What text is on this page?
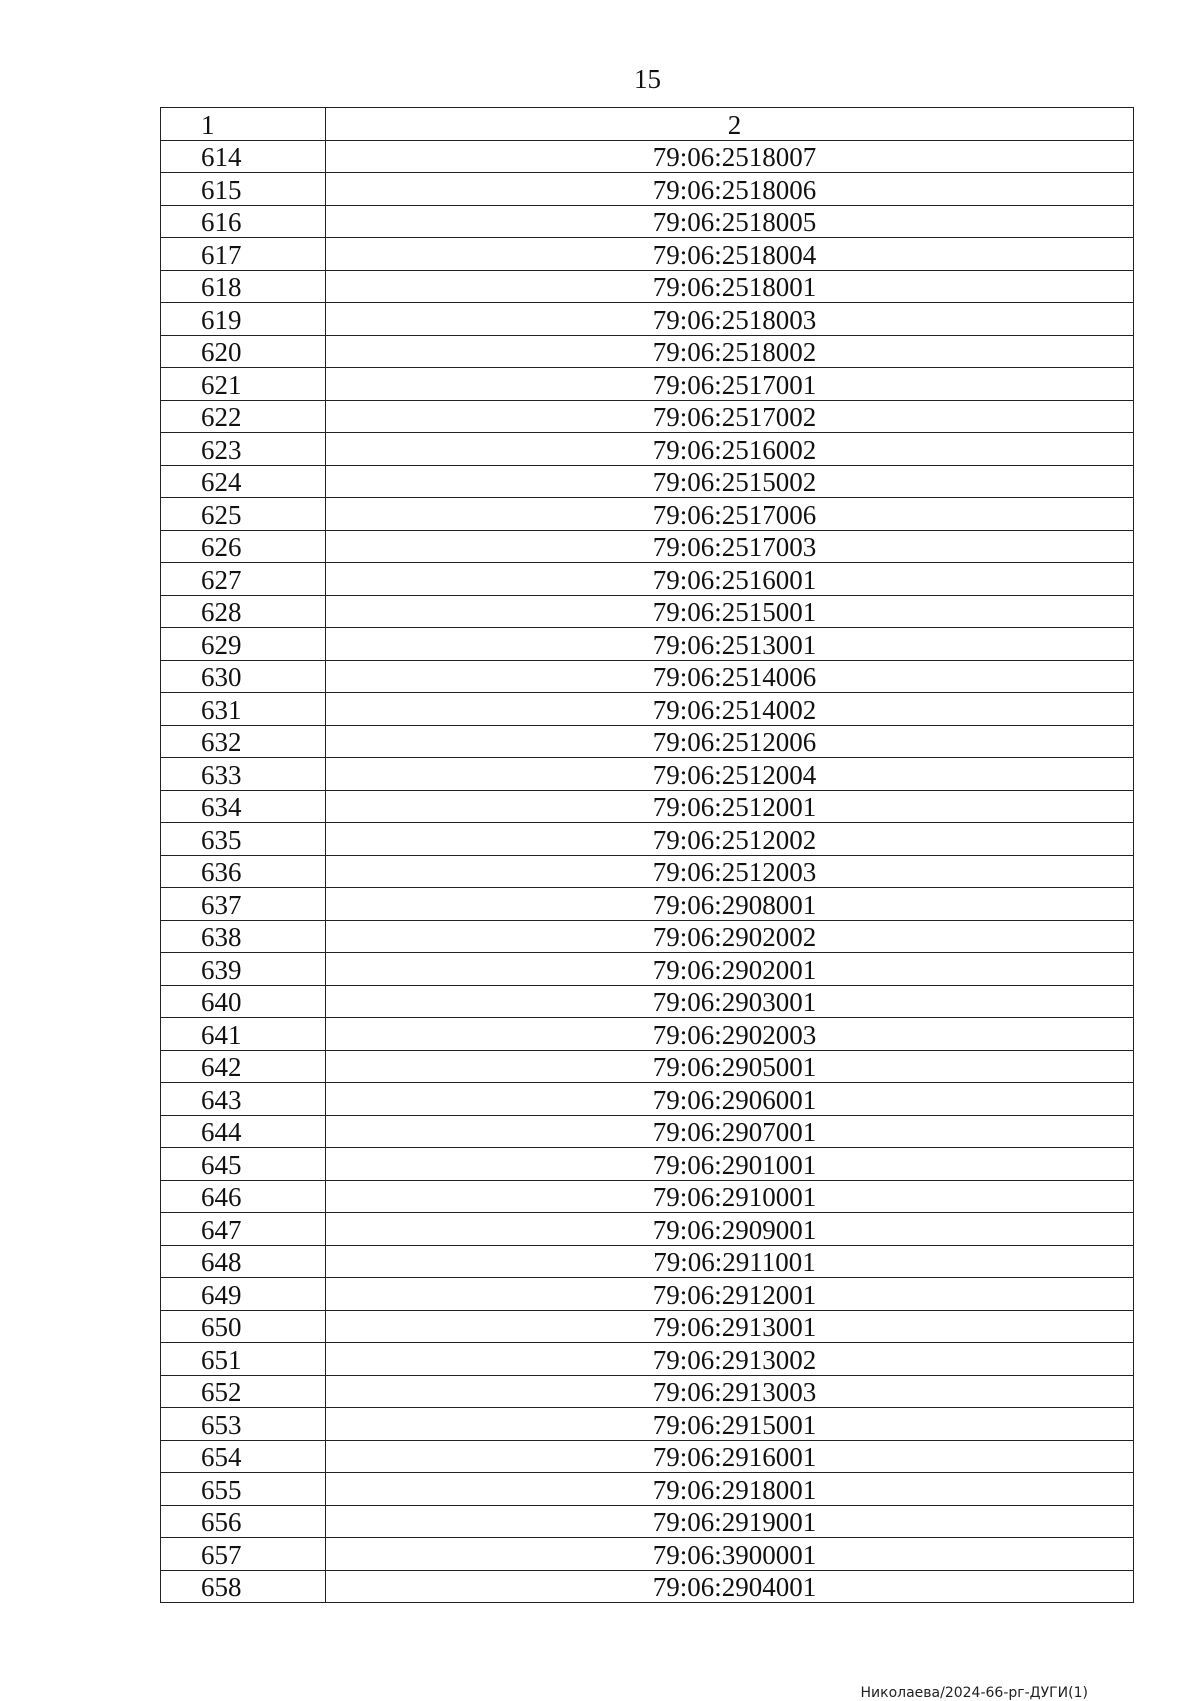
15
1	2
614	79:06:2518007
615	79:06:2518006
616	79:06:2518005
617	79:06:2518004
618	79:06:2518001
619	79:06:2518003
620	79:06:2518002
621	79:06:2517001
622	79:06:2517002
623	79:06:2516002
624	79:06:2515002
625	79:06:2517006
626	79:06:2517003
627	79:06:2516001
628	79:06:2515001
629	79:06:2513001
630	79:06:2514006
631	79:06:2514002
632	79:06:2512006
633	79:06:2512004
634	79:06:2512001
635	79:06:2512002
636	79:06:2512003
637	79:06:2908001
638	79:06:2902002
639	79:06:2902001
640	79:06:2903001
641	79:06:2902003
642	79:06:2905001
643	79:06:2906001
644	79:06:2907001
645	79:06:2901001
646	79:06:2910001
647	79:06:2909001
648	79:06:2911001
649	79:06:2912001
650	79:06:2913001
651	79:06:2913002
652	79:06:2913003
653	79:06:2915001
654	79:06:2916001
655	79:06:2918001
656	79:06:2919001
657	79:06:3900001
658	79:06:2904001
Николаева/2024-66-рг-ДУГИ(1)
